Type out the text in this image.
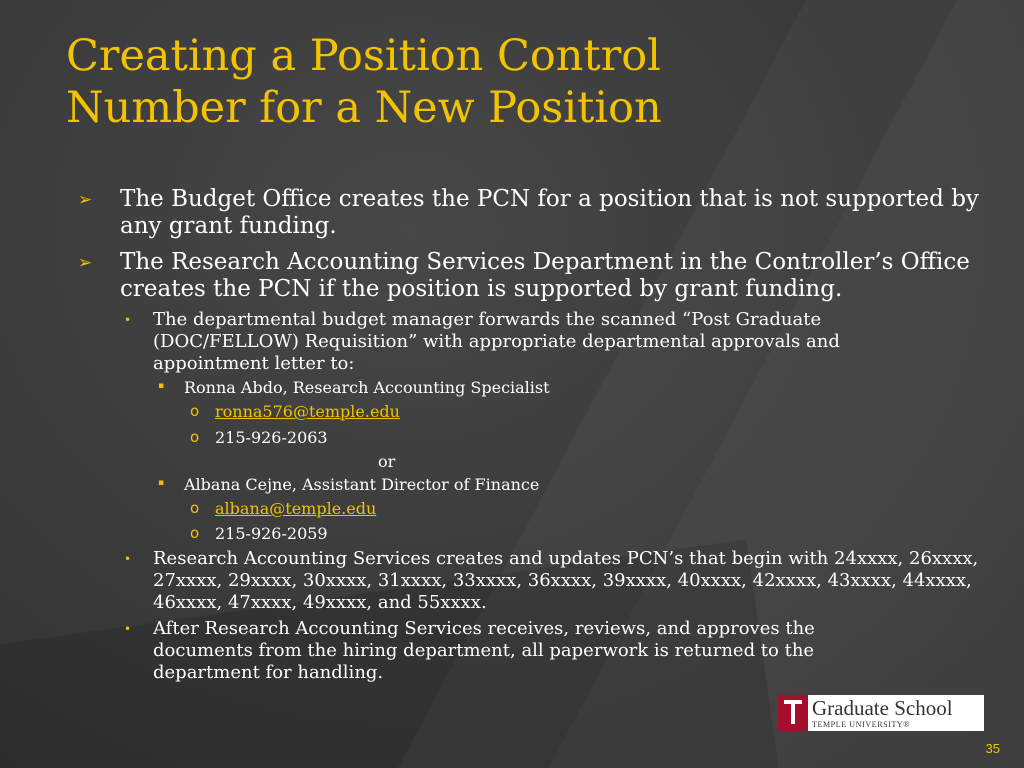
Creating a Position Control
Number for a New Position
➢ The Budget Office creates the PCN for a position that is not supported by any grant funding.
➢ The Research Accounting Services Department in the Controller’s Office creates the PCN if the position is supported by grant funding.
• The departmental budget manager forwards the scanned “Post Graduate (DOC/FELLOW) Requisition” with appropriate departmental approvals and appointment letter to:
▪ Ronna Abdo, Research Accounting Specialist
o ronna576@temple.edu
o 215-926-2063
or
▪ Albana Cejne, Assistant Director of Finance
o albana@temple.edu
o 215-926-2059
• Research Accounting Services creates and updates PCN’s that begin with 24xxxx, 26xxxx, 27xxxx, 29xxxx, 30xxxx, 31xxxx, 33xxxx, 36xxxx, 39xxxx, 40xxxx, 42xxxx, 43xxxx, 44xxxx, 46xxxx, 47xxxx, 49xxxx, and 55xxxx.
• After Research Accounting Services receives, reviews, and approves the documents from the hiring department, all paperwork is returned to the department for handling.
Graduate School
TEMPLE UNIVERSITY®
35
